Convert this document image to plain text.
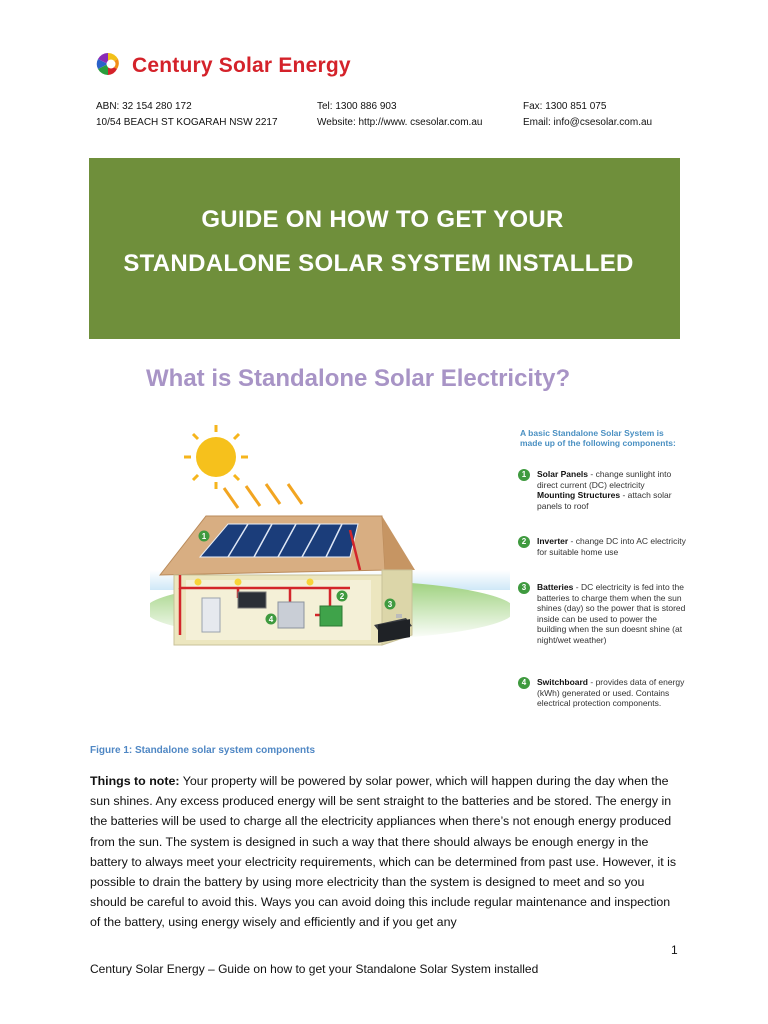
Century Solar Energy
ABN: 32 154 280 172
10/54 BEACH ST KOGARAH NSW 2217
Tel: 1300 886 903
Website: http://www. csesolar.com.au
Fax: 1300 851 075
Email: info@csesolar.com.au
GUIDE ON HOW TO GET YOUR
STANDALONE SOLAR SYSTEM INSTALLED
What is Standalone Solar Electricity?
1
2
3
4
A basic Standalone Solar System is made up of the following components:
1	Solar Panels - change sunlight into direct current (DC) electricity
Mounting Structures - attach solar panels to roof
2	Inverter - change DC into AC electricity for suitable home use
3	Batteries - DC electricity is fed into the batteries to charge them when the sun shines (day) so the power that is stored inside can be used to power the building when the sun doesnt shine (at night/wet weather)
4	Switchboard - provides data of energy (kWh) generated or used. Contains electrical protection components.
Figure 1: Standalone solar system components
Things to note: Your property will be powered by solar power, which will happen during the day when the sun shines. Any excess produced energy will be sent straight to the batteries and be stored. The energy in the batteries will be used to charge all the electricity appliances when there’s not enough energy produced from the sun. The system is designed in such a way that there should always be enough energy in the battery to always meet your electricity requirements, which can be determined from past use. However, it is possible to drain the battery by using more electricity than the system is designed to meet and so you should be careful to avoid this. Ways you can avoid doing this include regular maintenance and inspection of the battery, using energy wisely and efficiently and if you get any
1
Century Solar Energy – Guide on how to get your Standalone Solar System installed
